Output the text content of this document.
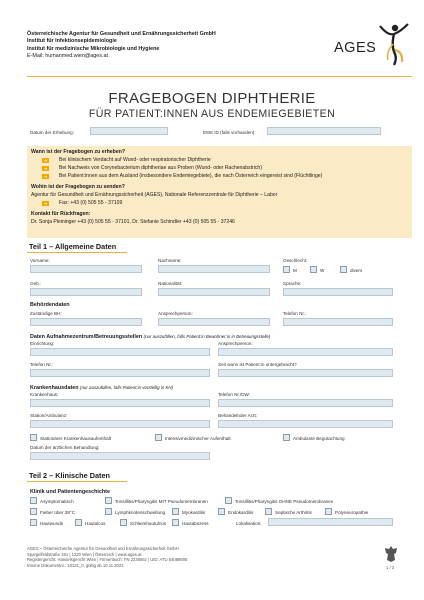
Österreichische Agentur für Gesundheit und Ernährungssicherheit GmbH
Institut für Infektionsepidemiologie
Institut für medizinische Mikrobiologie und Hygiene
E-Mail: humanmed.wien@ages.at
AGES
FRAGEBOGEN DIPHTHERIE
FÜR PATIENT:INNEN AUS ENDEMIEGEBIETEN
Datum der Erhebung:	EMS ID (falls vorhanden):
Wann ist der Fragebogen zu erheben?
➔	Bei klinischem Verdacht auf Wund- oder respiratorischer Diphtherie
➔	Bei Nachweis von Corynebacterium diphtheriae aus Proben (Wund- oder Rachenabstrich)
➔	Bei Patient:innen aus dem Ausland (insbesondere Endemiegebiete), die nach Österreich eingereist sind (Flüchtlinge)
Wohin ist der Fragebogen zu senden?
Agentur für Gesundheit und Ernährungssicherheit (AGES), Nationale Referenzzentrale für Diphtherie – Labor
➔	Fax: +43 (0) 505 55 - 37109
Kontakt für Rückfragen:
Dr. Sonja Pleininger +43 (0) 505 55 - 37101, Dr. Stefanie Schindler +43 (0) 505 55 - 37246
Teil 1 – Allgemeine Daten
Vorname:	Nachname:	Geschlecht:
M	W	divers
Geb.:	Nationalität:	Sprache:
Behördendaten
Zuständige BH:	Ansprechperson:	Telefon Nr.:
Daten Aufnahmezentrum/Betreuungsstellen (nur auszufüllen, falls Patient:in Bewohner:in in Betreuungsstelle)
Einrichtung:	Ansprechperson:
Telefon Nr.:	Seit wann ist Patient:in untergebracht?
Krankenhausdaten (nur auszufüllen, falls Patient:in vorstellig in KH)
Krankenhaus:	Telefon Nr./DW:
Station/Ambulanz:	Behandelnder Arzt:
Stationärer Krankenhausaufenthalt	Intensivmedizinischer Aufenthalt	Ambulante Begutachtung
Datum der ärztlichen Behandlung:
Teil 2 – Klinische Daten
Klinik und Patientengeschichte
Asymptomatisch	Tonsillitis/Pharyngitis MIT Pseudomembranen	Tonsillitis/Pharyngitis OHNE Pseudomembranen
Fieber über 38°C	Lymphknotenschwellung	Myokarditis	Endokarditis	Septische Arthritis	Polyneuropathie
Hautwunde	Hautulcus	Schleimhautulcus	Hautabszess	Lokalisation:
AGES – Österreichische Agentur für Gesundheit und Ernährungssicherheit GmbH
Spargelfeldstraße 191 | 1220 Wien | Österreich | www.ages.at
Registergericht: Handelsgericht Wien | Firmenbuch: FN 223056z | UID: ATU 54088605
Interne Dokumentnr.: 10131_0, gültig ab 10.11.2022	1 / 2
